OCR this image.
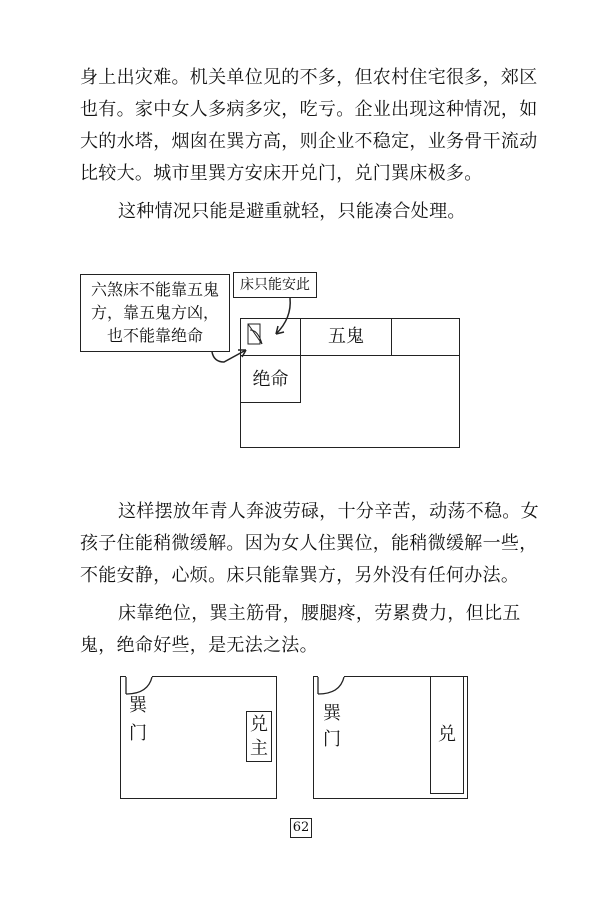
身上出灾难。机关单位见的不多，但农村住宅很多，郊区也有。家中女人多病多灾，吃亏。企业出现这种情况，如大的水塔，烟囱在巽方高，则企业不稳定，业务骨干流动比较大。城市里巽方安床开兑门，兑门巽床极多。

这种情况只能是避重就轻，只能凑合处理。

六煞床不能靠五鬼
方，靠五鬼方凶，
也不能靠绝命
床只能安此
五鬼
绝命

这样摆放年青人奔波劳碌，十分辛苦，动荡不稳。女孩子住能稍微缓解。因为女人住巽位，能稍微缓解一些，不能安静，心烦。床只能靠巽方，另外没有任何办法。

床靠绝位，巽主筋骨，腰腿疼，劳累费力，但比五鬼，绝命好些，是无法之法。

巽
门	兑
主
巽
门	兑
62
